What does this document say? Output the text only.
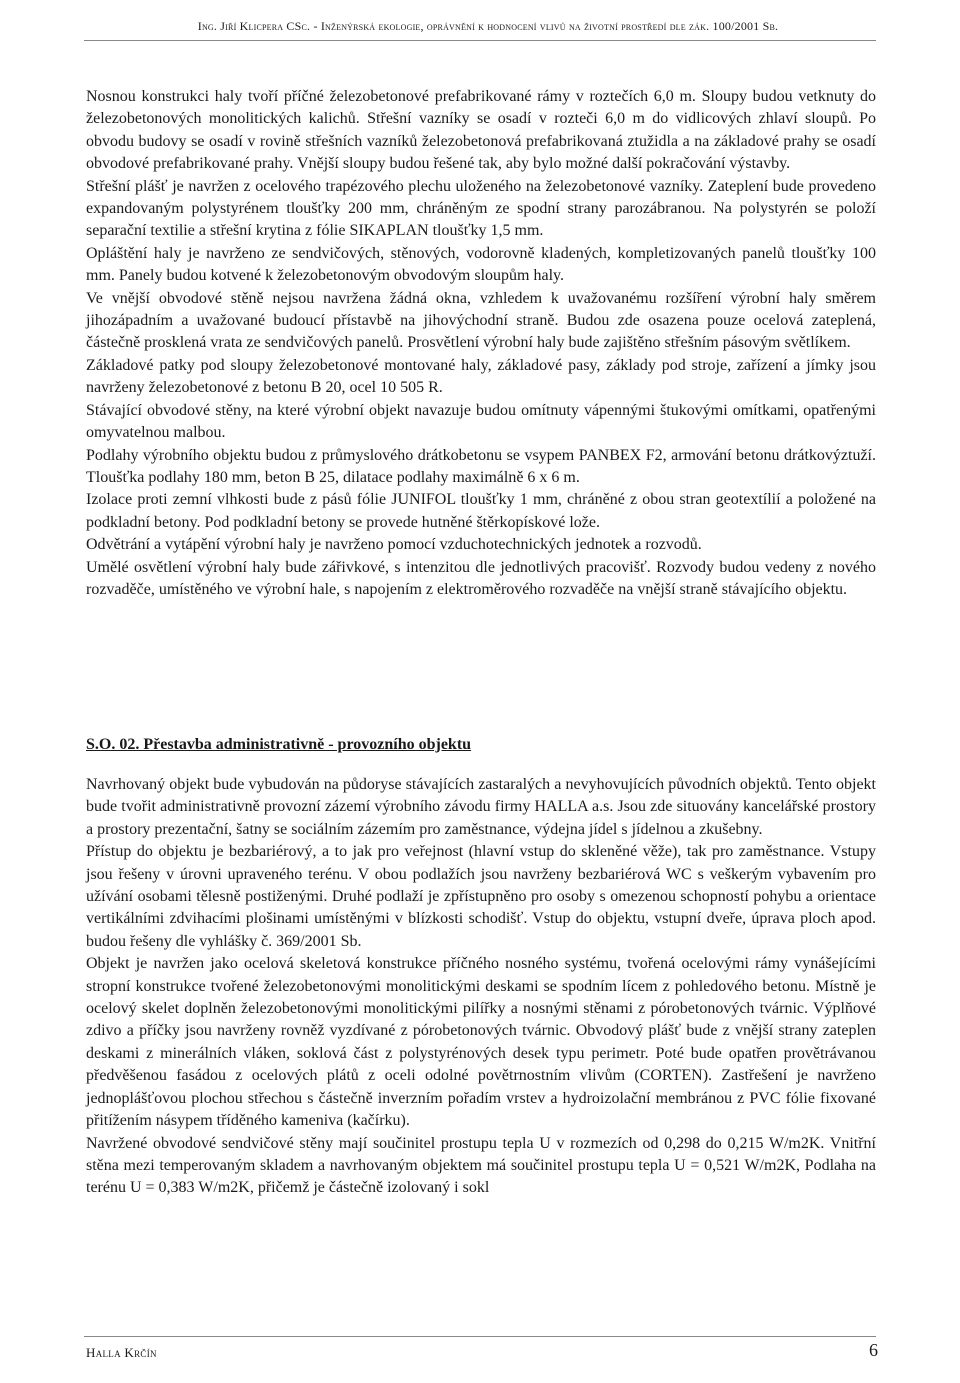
Ing. Jiří Klicpera CSc. - Inženýrská ekologie, oprávnění k hodnocení vlivů na životní prostředí dle zák. 100/2001 Sb.

Nosnou konstrukci haly tvoří příčné železobetonové prefabrikované rámy v roztečích 6,0 m. Sloupy budou vetknuty do železobetonových monolitických kalichů. Střešní vazníky se osadí v rozteči 6,0 m do vidlicových zhlaví sloupů. Po obvodu budovy se osadí v rovině střešních vazníků železobetonová prefabrikovaná ztužidla a na základové prahy se osadí obvodové prefabrikované prahy. Vnější sloupy budou řešené tak, aby bylo možné další pokračování výstavby.

Střešní plášť je navržen z ocelového trapézového plechu uloženého na železobetonové vazníky. Zateplení bude provedeno expandovaným polystyrénem tloušťky 200 mm, chráněným ze spodní strany parozábranou. Na polystyrén se položí separační textilie a střešní krytina z fólie SIKAPLAN tloušťky 1,5 mm.

Opláštění haly je navrženo ze sendvičových, stěnových, vodorovně kladených, kompletizovaných panelů tloušťky 100 mm. Panely budou kotvené k železobetonovým obvodovým sloupům haly.

Ve vnější obvodové stěně nejsou navržena žádná okna, vzhledem k uvažovanému rozšíření výrobní haly směrem jihozápadním a uvažované budoucí přístavbě na jihovýchodní straně. Budou zde osazena pouze ocelová zateplená, částečně prosklená vrata ze sendvičových panelů. Prosvětlení výrobní haly bude zajištěno střešním pásovým světlíkem.

Základové patky pod sloupy železobetonové montované haly, základové pasy, základy pod stroje, zařízení a jímky jsou navrženy železobetonové z betonu B 20, ocel 10 505 R.

Stávající obvodové stěny, na které výrobní objekt navazuje budou omítnuty vápennými štukovými omítkami, opatřenými omyvatelnou malbou.

Podlahy výrobního objektu budou z průmyslového drátkobetonu se vsypem PANBEX F2, armování betonu drátkovýztuží. Tloušťka podlahy 180 mm, beton B 25, dilatace podlahy maximálně 6 x 6 m.

Izolace proti zemní vlhkosti bude z pásů fólie JUNIFOL tloušťky 1 mm, chráněné z obou stran geotextílií a položené na podkladní betony. Pod podkladní betony se provede hutněné štěrkopískové lože.

Odvětrání a vytápění výrobní haly je navrženo pomocí vzduchotechnických jednotek a rozvodů.

Umělé osvětlení výrobní haly bude zářivkové, s intenzitou dle jednotlivých pracovišť. Rozvody budou vedeny z nového rozvaděče, umístěného ve výrobní hale, s napojením z elektroměrového rozvaděče na vnější straně stávajícího objektu.

S.O. 02. Přestavba administrativně - provozního objektu

Navrhovaný objekt bude vybudován na půdoryse stávajících zastaralých a nevyhovujících původních objektů. Tento objekt bude tvořit administrativně provozní zázemí výrobního závodu firmy HALLA a.s. Jsou zde situovány kancelářské prostory a prostory prezentační, šatny se sociálním zázemím pro zaměstnance, výdejna jídel s jídelnou a zkušebny.

Přístup do objektu je bezbariérový, a to jak pro veřejnost (hlavní vstup do skleněné věže), tak pro zaměstnance. Vstupy jsou řešeny v úrovni upraveného terénu. V obou podlažích jsou navrženy bezbariérová WC s veškerým vybavením pro užívání osobami tělesně postiženými. Druhé podlaží je zpřístupněno pro osoby s omezenou schopností pohybu a orientace vertikálními zdvihacími plošinami umístěnými v blízkosti schodišť. Vstup do objektu, vstupní dveře, úprava ploch apod. budou řešeny dle vyhlášky č. 369/2001 Sb.

Objekt je navržen jako ocelová skeletová konstrukce příčného nosného systému, tvořená ocelovými rámy vynášejícími stropní konstrukce tvořené železobetonovými monolitickými deskami se spodním lícem z pohledového betonu. Místně je ocelový skelet doplněn železobetonovými monolitickými pilířky a nosnými stěnami z pórobetonových tvárnic. Výplňové zdivo a příčky jsou navrženy rovněž vyzdívané z pórobetonových tvárnic. Obvodový plášť bude z vnější strany zateplen deskami z minerálních vláken, soklová část z polystyrénových desek typu perimetr. Poté bude opatřen provětrávanou předvěšenou fasádou z ocelových plátů z oceli odolné povětrnostním vlivům (CORTEN). Zastřešení je navrženo jednoplášťovou plochou střechou s částečně inverzním pořadím vrstev a hydroizolační membránou z PVC fólie fixované přitížením násypem tříděného kameniva (kačírku).

Navržené obvodové sendvičové stěny mají součinitel prostupu tepla U v rozmezích od 0,298 do 0,215 W/m2K. Vnitřní stěna mezi temperovaným skladem a navrhovaným objektem má součinitel prostupu tepla U = 0,521 W/m2K, Podlaha na terénu U = 0,383 W/m2K, přičemž je částečně izolovaný i sokl

Halla Krčín	6
